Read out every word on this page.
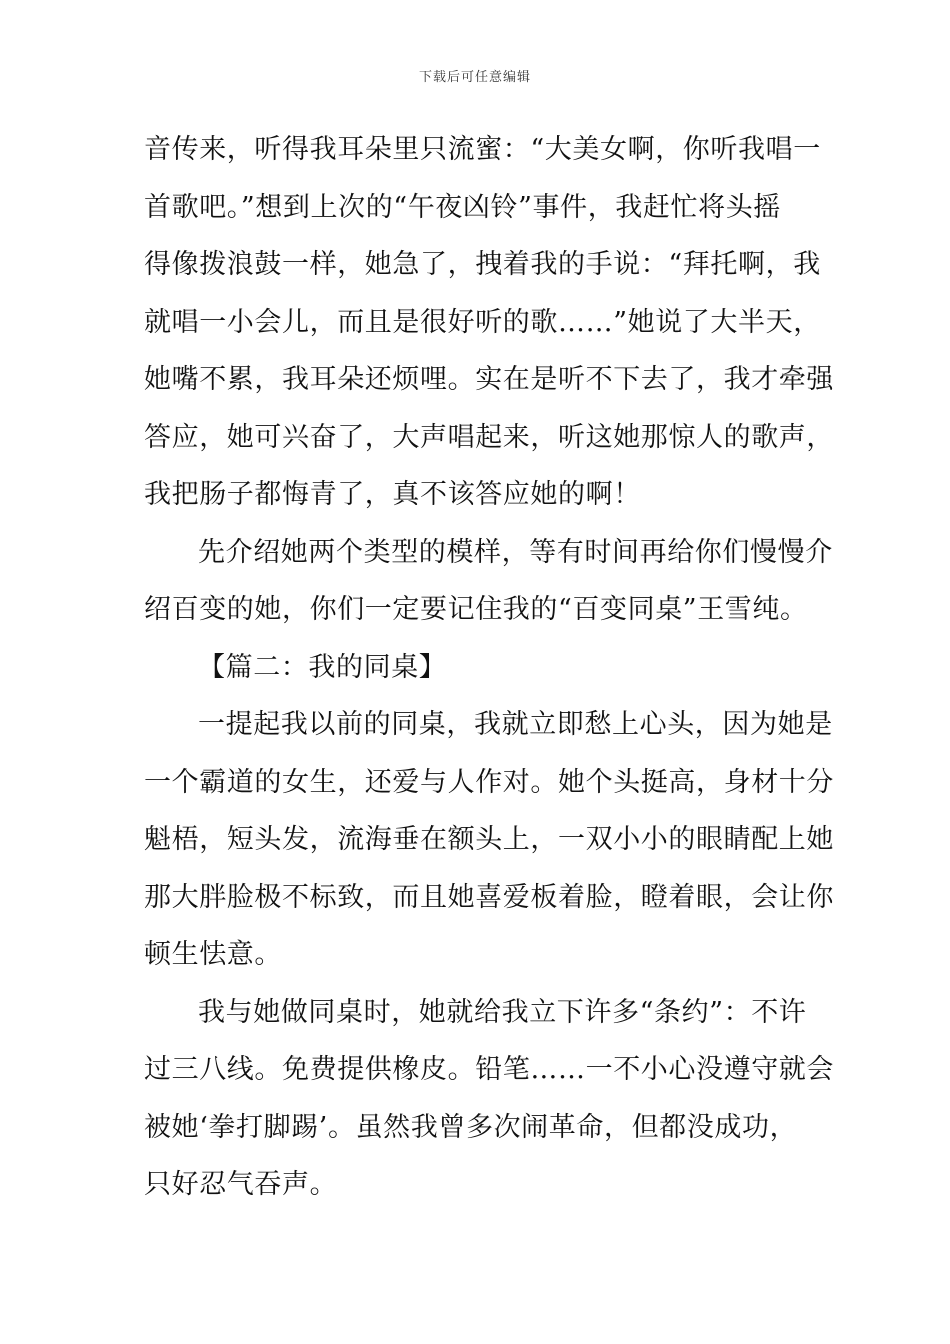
下载后可任意编辑
音传来，听得我耳朵里只流蜜：“大美女啊，你听我唱一
首歌吧。”想到上次的“午夜凶铃”事件，我赶忙将头摇
得像拨浪鼓一样，她急了，拽着我的手说：“拜托啊，我
就唱一小会儿，而且是很好听的歌……”她说了大半天，
她嘴不累，我耳朵还烦哩。实在是听不下去了，我才牵强
答应，她可兴奋了，大声唱起来，听这她那惊人的歌声，
我把肠子都悔青了，真不该答应她的啊！
先介绍她两个类型的模样，等有时间再给你们慢慢介
绍百变的她，你们一定要记住我的“百变同桌”王雪纯。
【篇二：我的同桌】
一提起我以前的同桌，我就立即愁上心头，因为她是
一个霸道的女生，还爱与人作对。她个头挺高，身材十分
魁梧，短头发，流海垂在额头上，一双小小的眼睛配上她
那大胖脸极不标致，而且她喜爱板着脸，瞪着眼，会让你
顿生怯意。
我与她做同桌时，她就给我立下许多“条约”：不许
过三八线。免费提供橡皮。铅笔……一不小心没遵守就会
被她‘拳打脚踢’。虽然我曾多次闹革命，但都没成功，
只好忍气吞声。
